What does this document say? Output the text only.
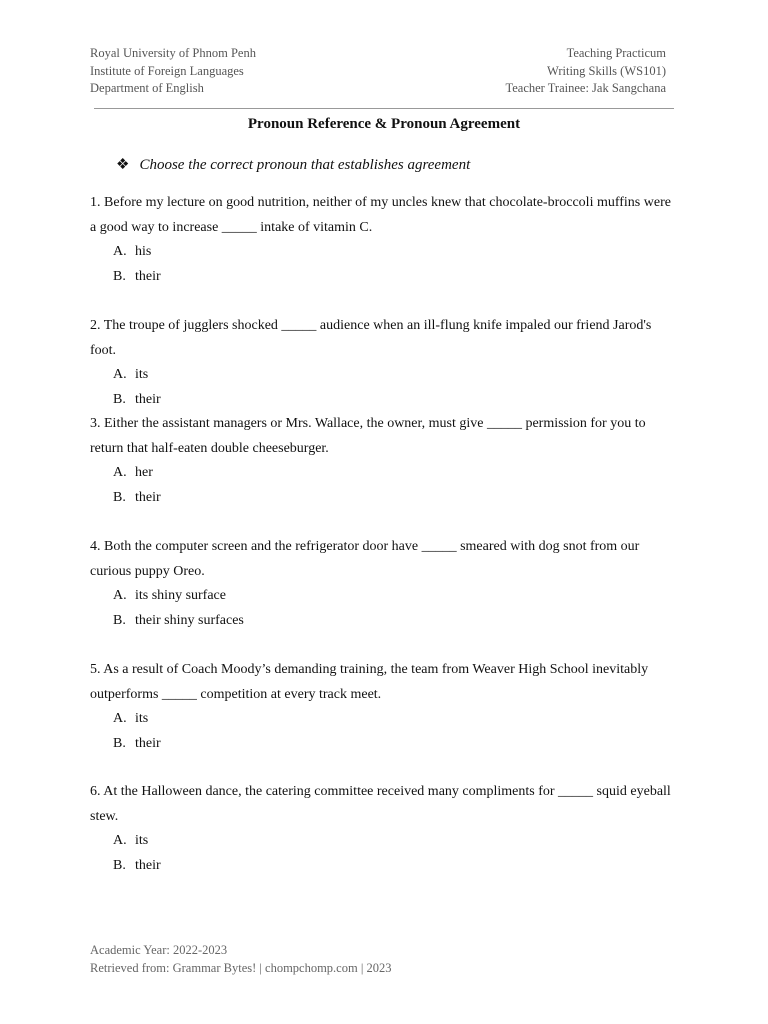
Royal University of Phnom Penh
Institute of Foreign Languages
Department of English
Teaching Practicum
Writing Skills (WS101)
Teacher Trainee: Jak Sangchana
Pronoun Reference & Pronoun Agreement
❖ Choose the correct pronoun that establishes agreement
1. Before my lecture on good nutrition, neither of my uncles knew that chocolate-broccoli muffins were a good way to increase _____ intake of vitamin C.
A. his
B. their
2. The troupe of jugglers shocked _____ audience when an ill-flung knife impaled our friend Jarod's foot.
A. its
B. their
3. Either the assistant managers or Mrs. Wallace, the owner, must give _____ permission for you to return that half-eaten double cheeseburger.
A. her
B. their
4. Both the computer screen and the refrigerator door have _____ smeared with dog snot from our curious puppy Oreo.
A. its shiny surface
B. their shiny surfaces
5. As a result of Coach Moody’s demanding training, the team from Weaver High School inevitably outperforms _____ competition at every track meet.
A. its
B. their
6. At the Halloween dance, the catering committee received many compliments for _____ squid eyeball stew.
A. its
B. their
Academic Year: 2022-2023
Retrieved from: Grammar Bytes! | chompchomp.com | 2023
